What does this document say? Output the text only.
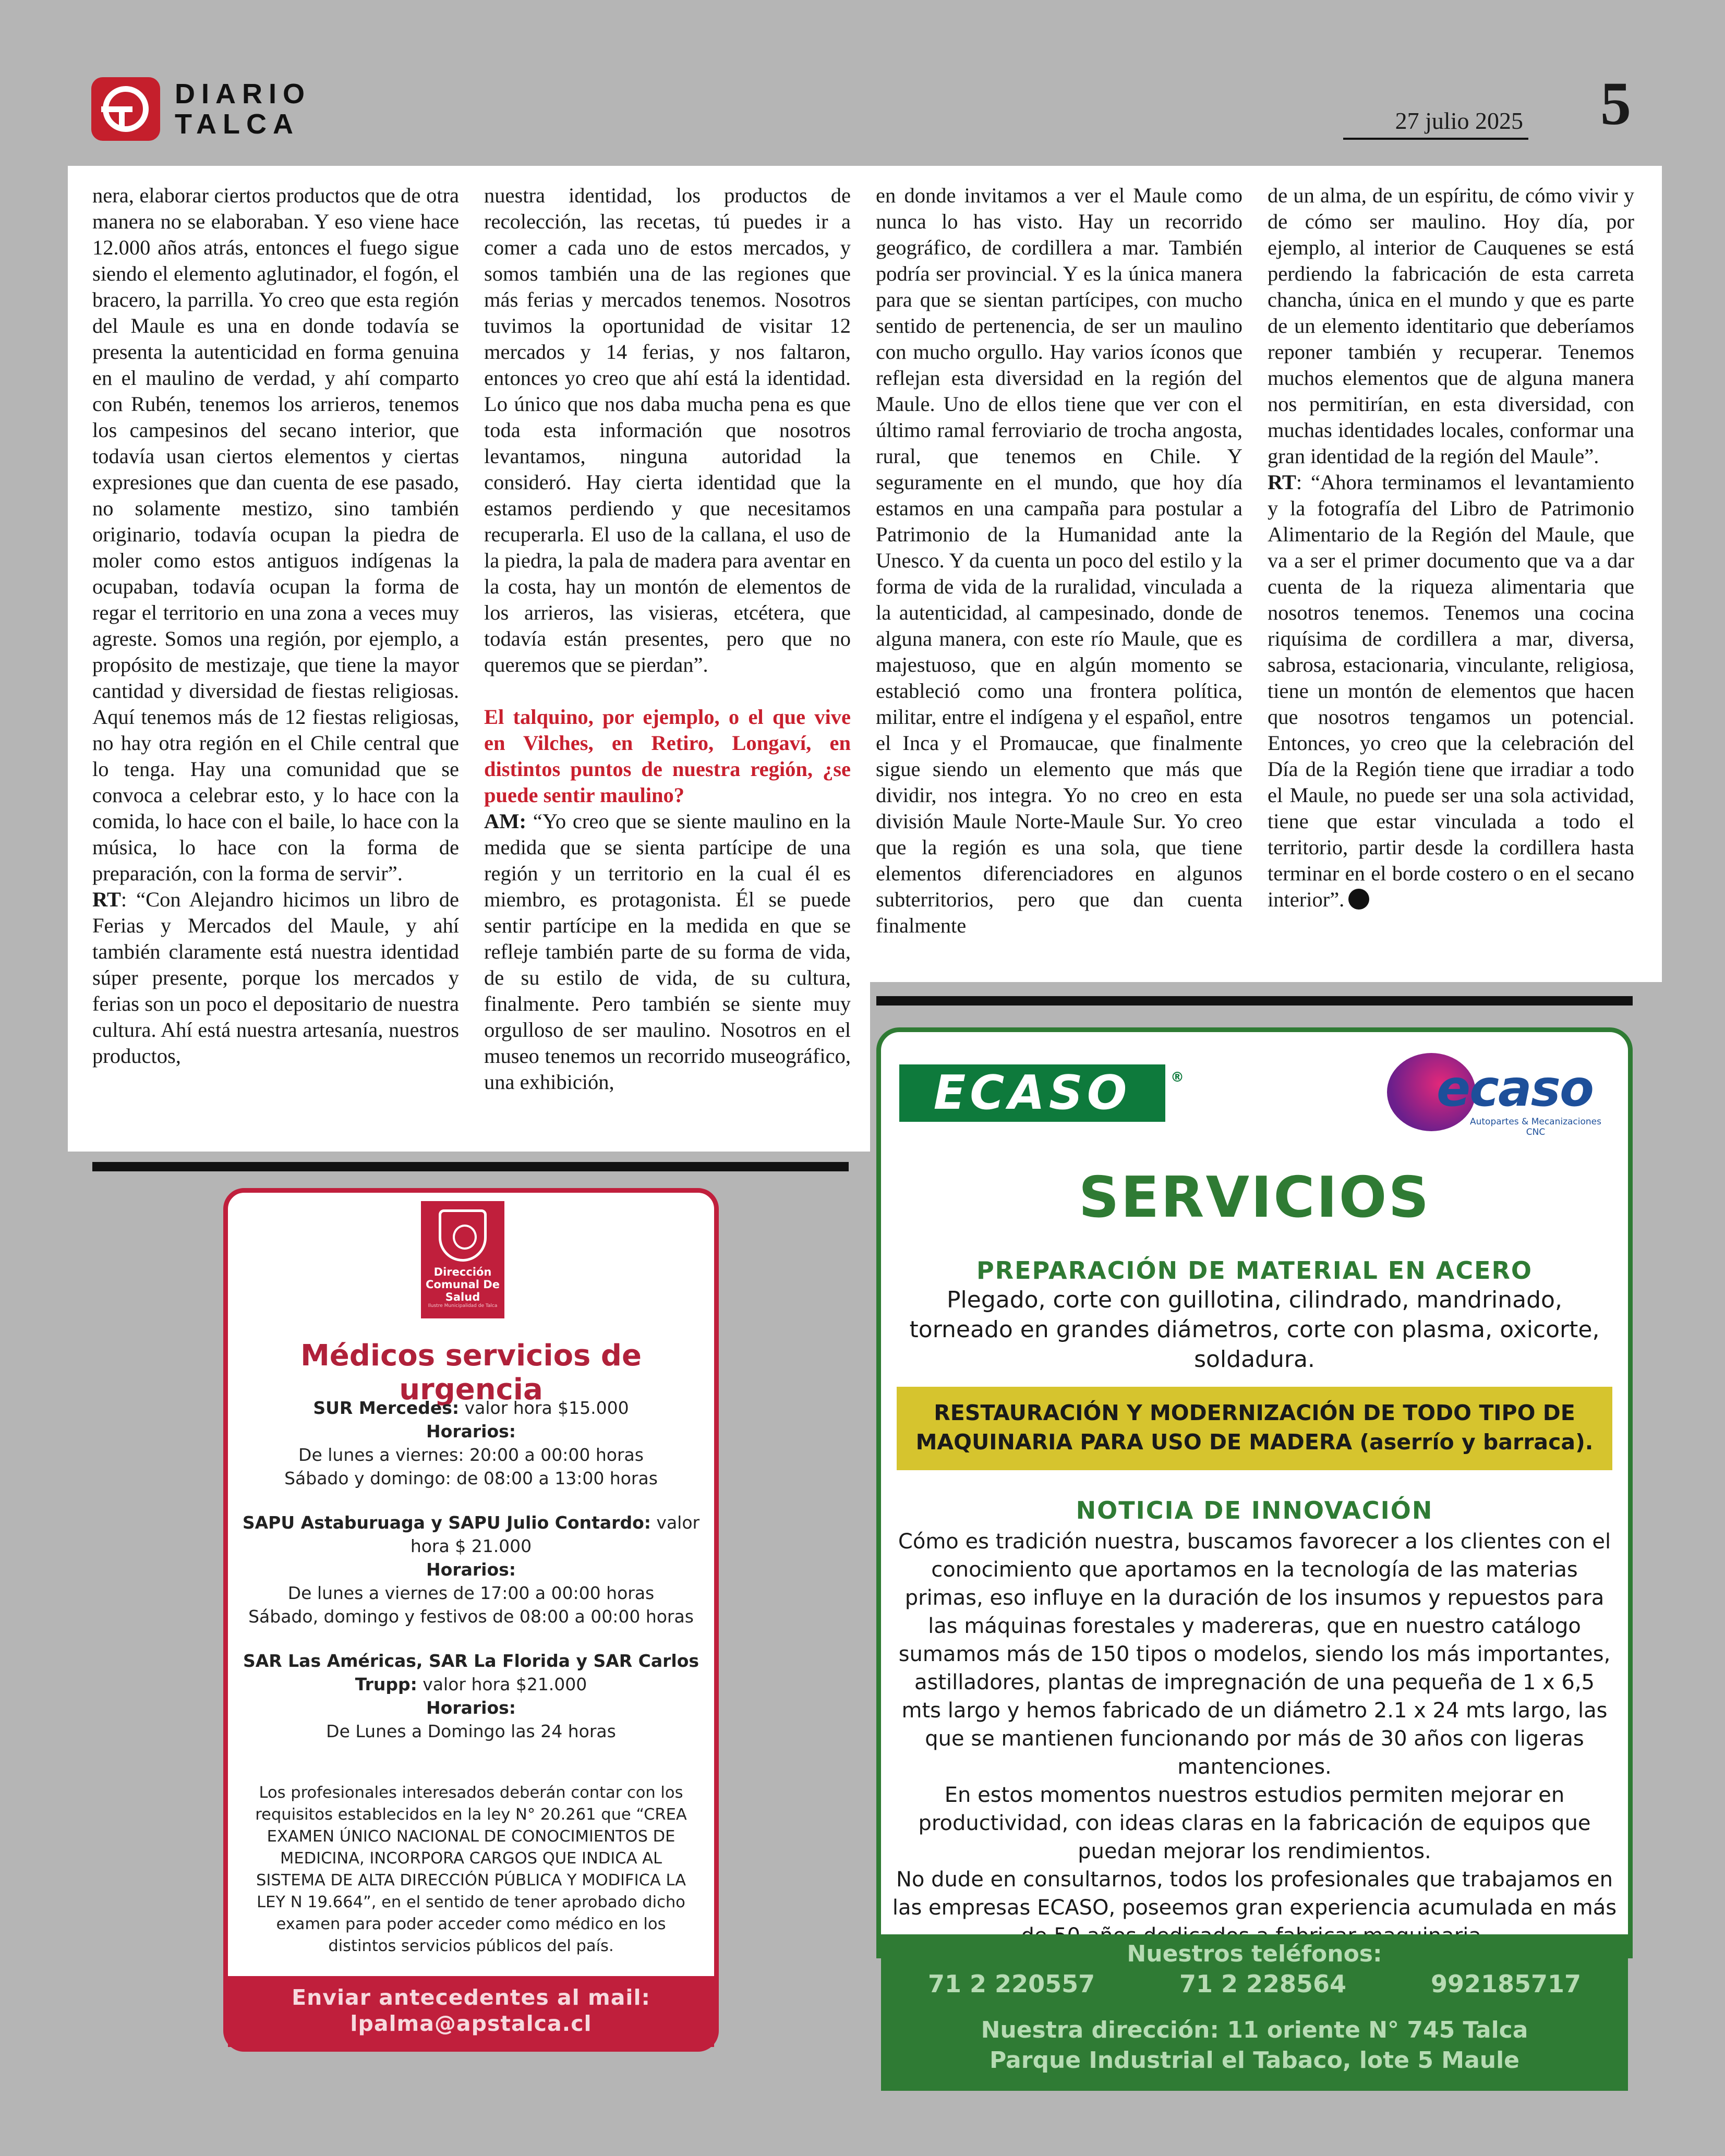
DIARIO
TALCA	27 julio 2025 5

nera, elaborar ciertos productos que de otra manera no se elaboraban. Y eso viene hace 12.000 años atrás, entonces el fuego sigue siendo el elemento aglutinador, el fogón, el bracero, la parrilla. Yo creo que esta región del Maule es una en donde todavía se presenta la autenticidad en forma genuina en el maulino de verdad, y ahí comparto con Rubén, tenemos los arrieros, tenemos los campesinos del secano interior, que todavía usan ciertos elementos y ciertas expresiones que dan cuenta de ese pasado, no solamente mestizo, sino también originario, todavía ocupan la piedra de moler como estos antiguos indígenas la ocupaban, todavía ocupan la forma de regar el territorio en una zona a veces muy agreste. Somos una región, por ejemplo, a propósito de mestizaje, que tiene la mayor cantidad y diversidad de fiestas religiosas. Aquí tenemos más de 12 fiestas religiosas, no hay otra región en el Chile central que lo tenga. Hay una comunidad que se convoca a celebrar esto, y lo hace con la comida, lo hace con el baile, lo hace con la música, lo hace con la forma de preparación, con la forma de servir”.

RT: “Con Alejandro hicimos un libro de Ferias y Mercados del Maule, y ahí también claramente está nuestra identidad súper presente, porque los mercados y ferias son un poco el depositario de nuestra cultura. Ahí está nuestra artesanía, nuestros productos,

nuestra identidad, los productos de recolección, las recetas, tú puedes ir a comer a cada uno de estos mercados, y somos también una de las regiones que más ferias y mercados tenemos. Nosotros tuvimos la oportunidad de visitar 12 mercados y 14 ferias, y nos faltaron, entonces yo creo que ahí está la identidad. Lo único que nos daba mucha pena es que toda esta información que nosotros levantamos, ninguna autoridad la consideró. Hay cierta identidad que la estamos perdiendo y que necesitamos recuperarla. El uso de la callana, el uso de la piedra, la pala de madera para aventar en la costa, hay un montón de elementos de los arrieros, las visieras, etcétera, que todavía están presentes, pero que no queremos que se pierdan”.

El talquino, por ejemplo, o el que vive en Vilches, en Retiro, Longaví, en distintos puntos de nuestra región, ¿se puede sentir maulino?

AM: “Yo creo que se siente maulino en la medida que se sienta partícipe de una región y un territorio en la cual él es miembro, es protagonista. Él se puede sentir partícipe en la medida en que se refleje también parte de su forma de vida, de su estilo de vida, de su cultura, finalmente. Pero también se siente muy orgulloso de ser maulino. Nosotros en el museo tenemos un recorrido museográfico, una exhibición,

en donde invitamos a ver el Maule como nunca lo has visto. Hay un recorrido geográfico, de cordillera a mar. También podría ser provincial. Y es la única manera para que se sientan partícipes, con mucho sentido de pertenencia, de ser un maulino con mucho orgullo. Hay varios íconos que reflejan esta diversidad en la región del Maule. Uno de ellos tiene que ver con el último ramal ferroviario de trocha angosta, rural, que tenemos en Chile. Y seguramente en el mundo, que hoy día estamos en una campaña para postular a Patrimonio de la Humanidad ante la Unesco. Y da cuenta un poco del estilo y la forma de vida de la ruralidad, vinculada a la autenticidad, al campesinado, donde de alguna manera, con este río Maule, que es majestuoso, que en algún momento se estableció como una frontera política, militar, entre el indígena y el español, entre el Inca y el Promaucae, que finalmente sigue siendo un elemento que más que dividir, nos integra. Yo no creo en esta división Maule Norte-Maule Sur. Yo creo que la región es una sola, que tiene elementos diferenciadores en algunos subterritorios, pero que dan cuenta finalmente

de un alma, de un espíritu, de cómo vivir y de cómo ser maulino. Hoy día, por ejemplo, al interior de Cauquenes se está perdiendo la fabricación de esta carreta chancha, única en el mundo y que es parte de un elemento identitario que deberíamos reponer también y recuperar. Tenemos muchos elementos que de alguna manera nos permitirían, en esta diversidad, con muchas identidades locales, conformar una gran identidad de la región del Maule”.

RT: “Ahora terminamos el levantamiento y la fotografía del Libro de Patrimonio Alimentario de la Región del Maule, que va a ser el primer documento que va a dar cuenta de la riqueza alimentaria que nosotros tenemos. Tenemos una cocina riquísima de cordillera a mar, diversa, sabrosa, estacionaria, vinculante, religiosa, tiene un montón de elementos que hacen que nosotros tengamos un potencial. Entonces, yo creo que la celebración del Día de la Región tiene que irradiar a todo el Maule, no puede ser una sola actividad, tiene que estar vinculada a todo el territorio, partir desde la cordillera hasta terminar en el borde costero o en el secano interior”.

Dirección Comunal De Salud
Ilustre Municipalidad de Talca
Médicos servicios de urgencia
SUR Mercedes: valor hora $15.000
Horarios:
De lunes a viernes: 20:00 a 00:00 horas
Sábado y domingo: de 08:00 a 13:00 horas
SAPU Astaburuaga y SAPU Julio Contardo: valor hora $ 21.000
Horarios:
De lunes a viernes de 17:00 a 00:00 horas
Sábado, domingo y festivos de 08:00 a 00:00 horas
SAR Las Américas, SAR La Florida y SAR Carlos Trupp: valor hora $21.000
Horarios:
De Lunes a Domingo las 24 horas
Los profesionales interesados deberán contar con los requisitos establecidos en la ley N° 20.261 que “CREA EXAMEN ÚNICO NACIONAL DE CONOCIMIENTOS DE MEDICINA, INCORPORA CARGOS QUE INDICA AL SISTEMA DE ALTA DIRECCIÓN PÚBLICA Y MODIFICA LA LEY N 19.664”, en el sentido de tener aprobado dicho examen para poder acceder como médico en los distintos servicios públicos del país.
Enviar antecedentes al mail:
lpalma@apstalca.cl
ECASO	®	ecaso
Autopartes & Mecanizaciones CNC
SERVICIOS
PREPARACIÓN DE MATERIAL EN ACERO
Plegado, corte con guillotina, cilindrado, mandrinado, torneado en grandes diámetros, corte con plasma, oxicorte, soldadura.
RESTAURACIÓN Y MODERNIZACIÓN DE TODO TIPO DE MAQUINARIA PARA USO DE MADERA (aserrío y barraca).
NOTICIA DE INNOVACIÓN
Cómo es tradición nuestra, buscamos favorecer a los clientes con el conocimiento que aportamos en la tecnología de las materias primas, eso influye en la duración de los insumos y repuestos para las máquinas forestales y madereras, que en nuestro catálogo sumamos más de 150 tipos o modelos, siendo los más importantes, astilladores, plantas de impregnación de una pequeña de 1 x 6,5 mts largo y hemos fabricado de un diámetro 2.1 x 24 mts largo, las que se mantienen funcionando por más de 30 años con ligeras mantenciones.
En estos momentos nuestros estudios permiten mejorar en productividad, con ideas claras en la fabricación de equipos que puedan mejorar los rendimientos.
No dude en consultarnos, todos los profesionales que trabajamos en las empresas ECASO, poseemos gran experiencia acumulada en más
Nuestros teléfonos:
71 2 220557	71 2 228564	992185717
Nuestra dirección: 11 oriente N° 745 Talca
Parque Industrial el Tabaco, lote 5 Maule
